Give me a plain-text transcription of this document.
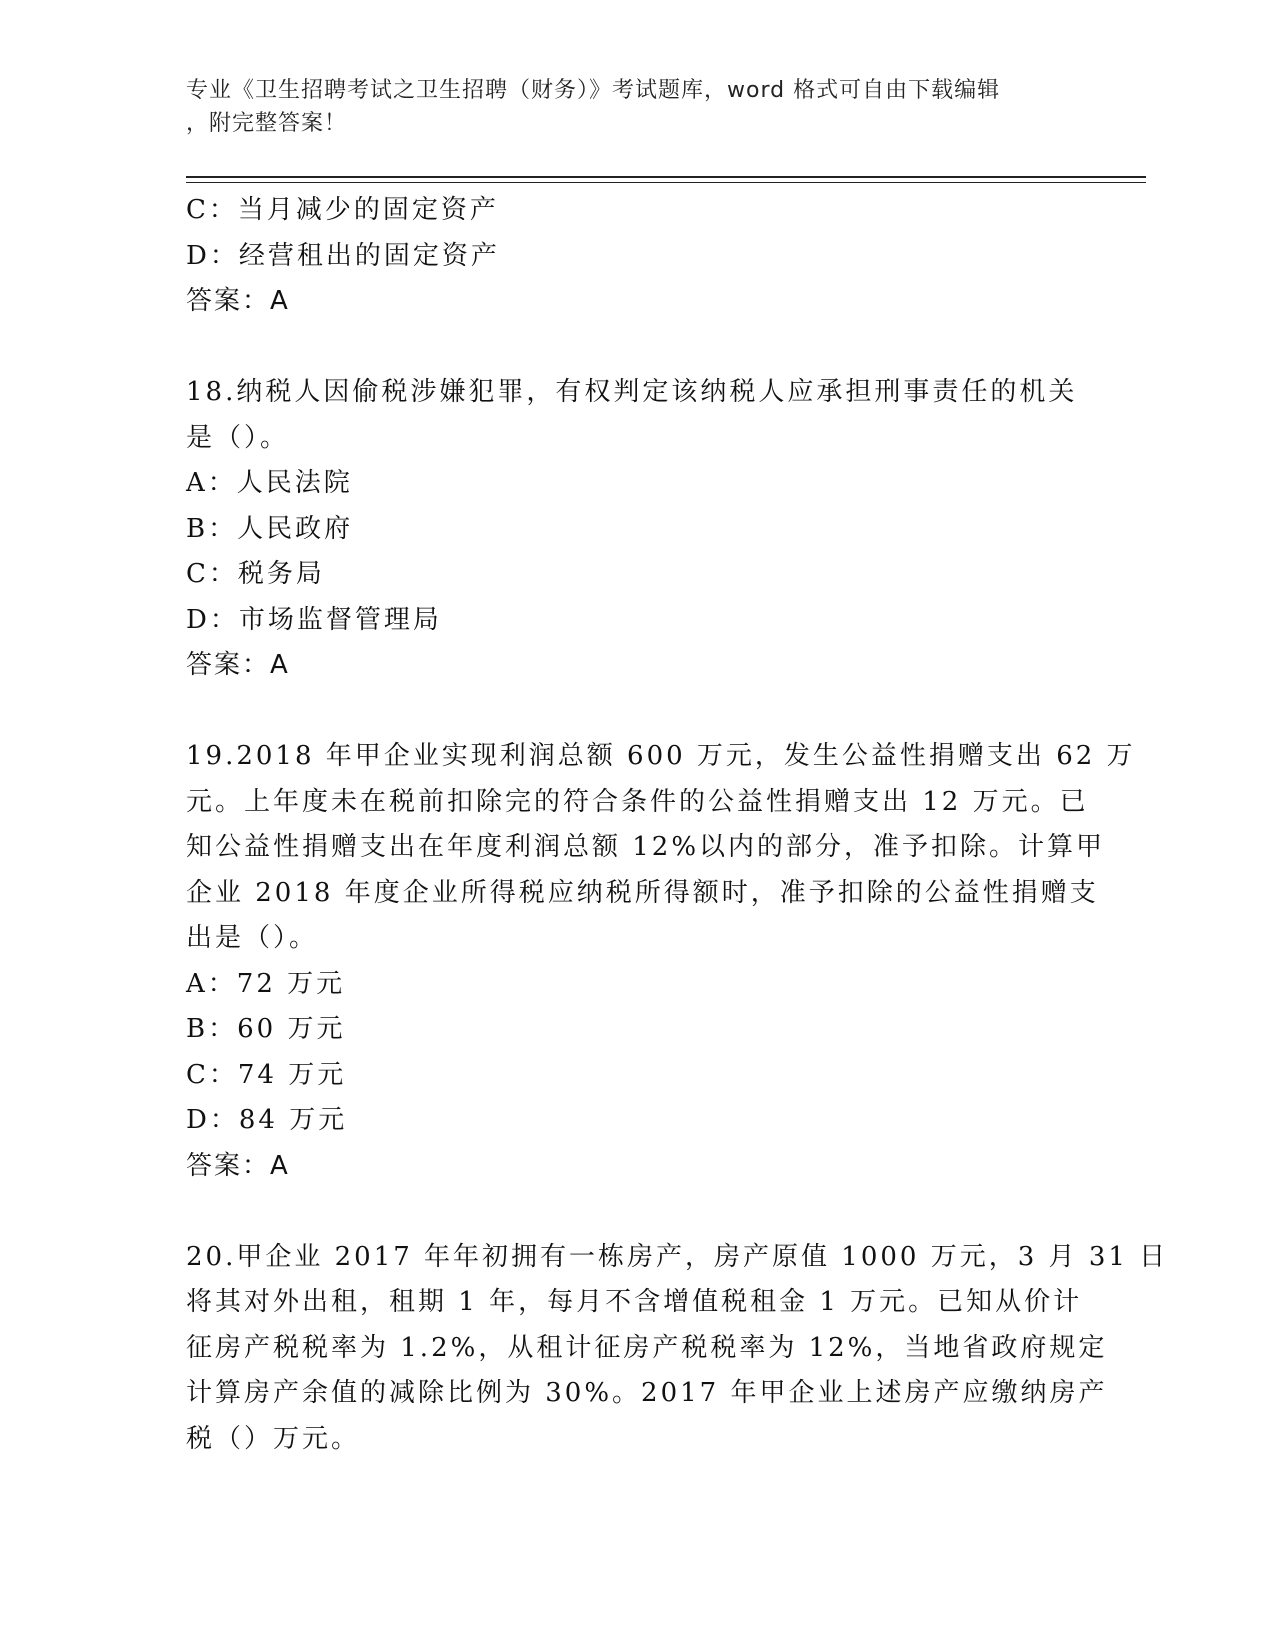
专业《卫生招聘考试之卫生招聘（财务）》考试题库，word 格式可自由下载编辑
，附完整答案！
C：当月减少的固定资产
D：经营租出的固定资产
答案：A
18.纳税人因偷税涉嫌犯罪，有权判定该纳税人应承担刑事责任的机关
是（）。
A：人民法院
B：人民政府
C：税务局
D：市场监督管理局
答案：A
19.2018 年甲企业实现利润总额 600 万元，发生公益性捐赠支出 62 万
元。上年度未在税前扣除完的符合条件的公益性捐赠支出 12 万元。已
知公益性捐赠支出在年度利润总额 12%以内的部分，准予扣除。计算甲
企业 2018 年度企业所得税应纳税所得额时，准予扣除的公益性捐赠支
出是（）。
A：72 万元
B：60 万元
C：74 万元
D：84 万元
答案：A
20.甲企业 2017 年年初拥有一栋房产，房产原值 1000 万元，3 月 31 日
将其对外出租，租期 1 年，每月不含增值税租金 1 万元。已知从价计
征房产税税率为 1.2%，从租计征房产税税率为 12%，当地省政府规定
计算房产余值的减除比例为 30%。2017 年甲企业上述房产应缴纳房产
税（）万元。
